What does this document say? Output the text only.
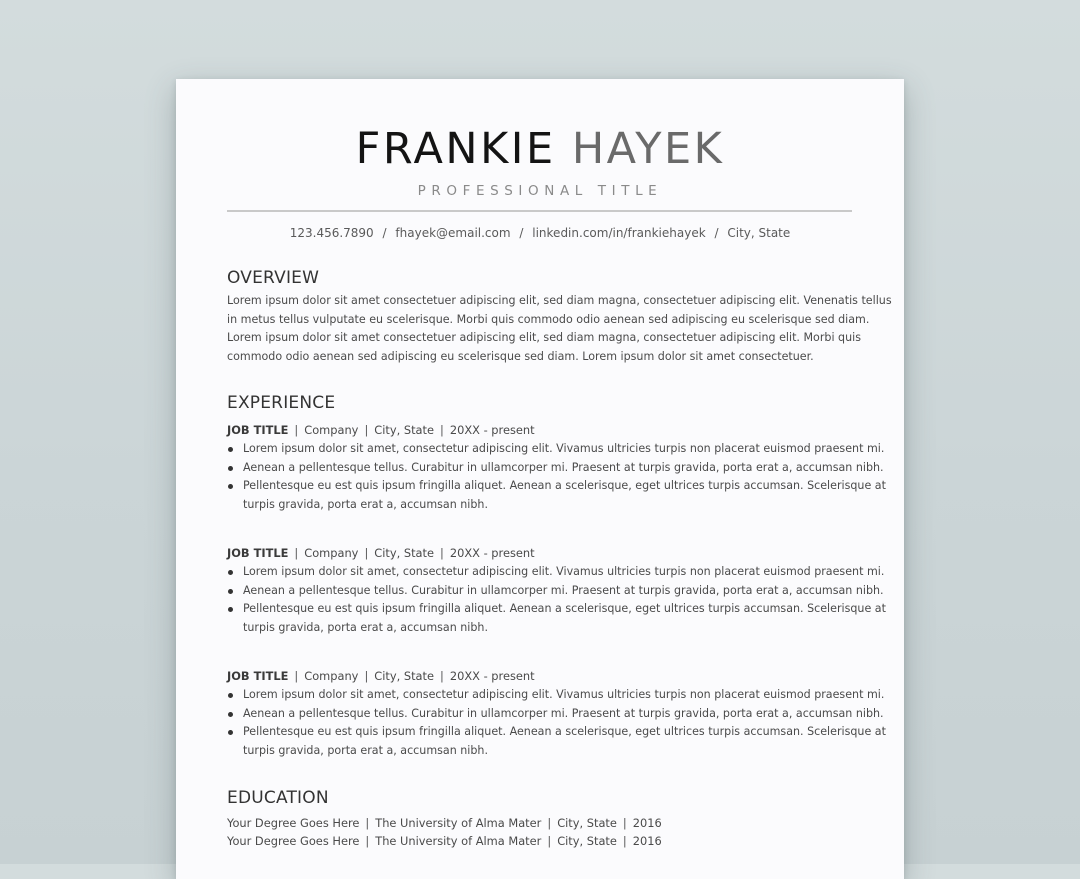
FRANKIE HAYEK
PROFESSIONAL TITLE
123.456.7890 / fhayek@email.com / linkedin.com/in/frankiehayek / City, State
OVERVIEW
Lorem ipsum dolor sit amet consectetuer adipiscing elit, sed diam magna, consectetuer adipiscing elit. Venenatis tellus
in metus tellus vulputate eu scelerisque. Morbi quis commodo odio aenean sed adipiscing eu scelerisque sed diam.
Lorem ipsum dolor sit amet consectetuer adipiscing elit, sed diam magna, consectetuer adipiscing elit. Morbi quis
commodo odio aenean sed adipiscing eu scelerisque sed diam. Lorem ipsum dolor sit amet consectetuer.
EXPERIENCE
JOB TITLE | Company | City, State | 20XX - present
Lorem ipsum dolor sit amet, consectetur adipiscing elit. Vivamus ultricies turpis non placerat euismod praesent mi.
Aenean a pellentesque tellus. Curabitur in ullamcorper mi. Praesent at turpis gravida, porta erat a, accumsan nibh.
Pellentesque eu est quis ipsum fringilla aliquet. Aenean a scelerisque, eget ultrices turpis accumsan. Scelerisque at
turpis gravida, porta erat a, accumsan nibh.
JOB TITLE | Company | City, State | 20XX - present
Lorem ipsum dolor sit amet, consectetur adipiscing elit. Vivamus ultricies turpis non placerat euismod praesent mi.
Aenean a pellentesque tellus. Curabitur in ullamcorper mi. Praesent at turpis gravida, porta erat a, accumsan nibh.
Pellentesque eu est quis ipsum fringilla aliquet. Aenean a scelerisque, eget ultrices turpis accumsan. Scelerisque at
turpis gravida, porta erat a, accumsan nibh.
JOB TITLE | Company | City, State | 20XX - present
Lorem ipsum dolor sit amet, consectetur adipiscing elit. Vivamus ultricies turpis non placerat euismod praesent mi.
Aenean a pellentesque tellus. Curabitur in ullamcorper mi. Praesent at turpis gravida, porta erat a, accumsan nibh.
Pellentesque eu est quis ipsum fringilla aliquet. Aenean a scelerisque, eget ultrices turpis accumsan. Scelerisque at
turpis gravida, porta erat a, accumsan nibh.
EDUCATION
Your Degree Goes Here | The University of Alma Mater | City, State | 2016
Your Degree Goes Here | The University of Alma Mater | City, State | 2016
